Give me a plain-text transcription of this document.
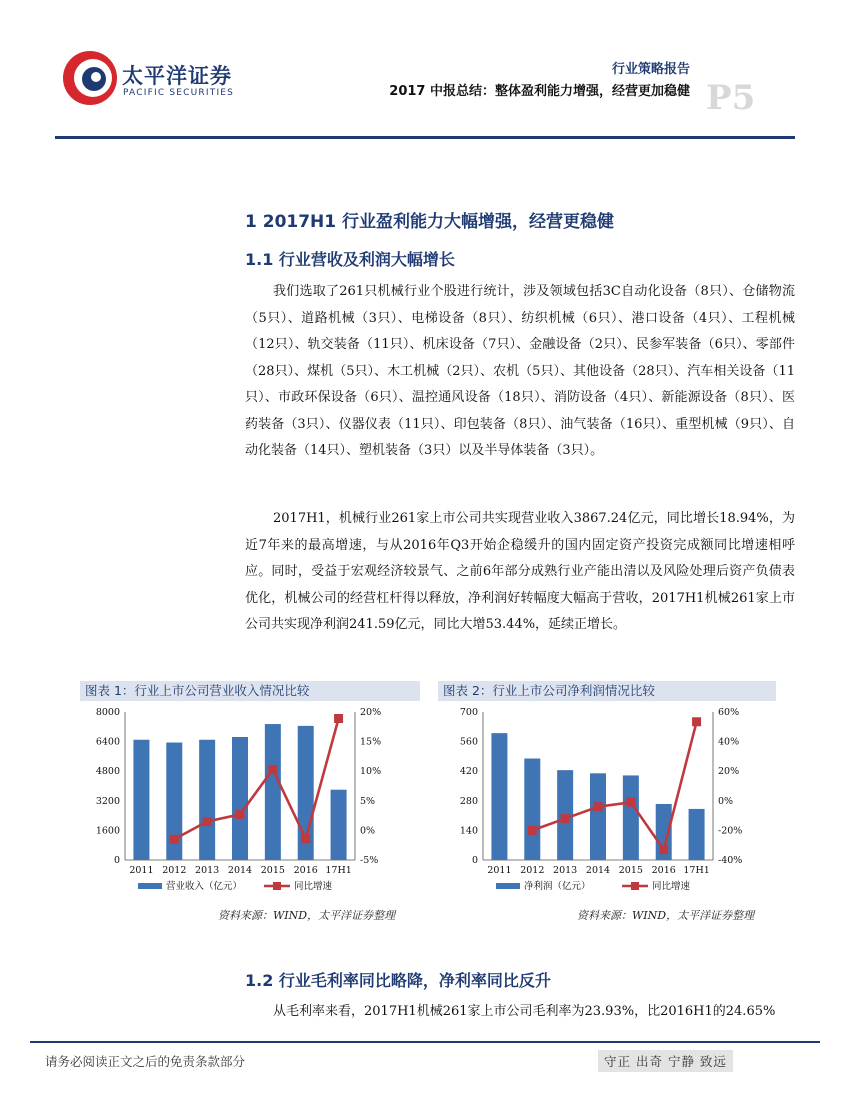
太平洋证券
PACIFIC SECURITIES
行业策略报告
2017 中报总结：整体盈利能力增强，经营更加稳健 P5
1 2017H1 行业盈利能力大幅增强，经营更稳健
1.1 行业营收及利润大幅增长
我们选取了261只机械行业个股进行统计，涉及领域包括3C自动化设备（8只）、仓储物流（5只）、道路机械（3只）、电梯设备（8只）、纺织机械（6只）、港口设备（4只）、工程机械（12只）、轨交装备（11只）、机床设备（7只）、金融设备（2只）、民参军装备（6只）、零部件（28只）、煤机（5只）、木工机械（2只）、农机（5只）、其他设备（28只）、汽车相关设备（11只）、市政环保设备（6只）、温控通风设备（18只）、消防设备（4只）、新能源设备（8只）、医药装备（3只）、仪器仪表（11只）、印包装备（8只）、油气装备（16只）、重型机械（9只）、自动化装备（14只）、塑机装备（3只）以及半导体装备（3只）。
2017H1，机械行业261家上市公司共实现营业收入3867.24亿元，同比增长18.94%，为近7年来的最高增速，与从2016年Q3开始企稳缓升的国内固定资产投资完成额同比增速相呼应。同时，受益于宏观经济较景气、之前6年部分成熟行业产能出清以及风险处理后资产负债表优化，机械公司的经营杠杆得以释放，净利润好转幅度大幅高于营收，2017H1机械261家上市公司共实现净利润241.59亿元，同比大增53.44%，延续正增长。
图表 1：行业上市公司营业收入情况比较
0
1600
3200
4800
6400
8000
-5%
0%
5%
10%
15%
20%
2011 2012 2013 2014 2015 2016 17H1
营业收入（亿元）	同比增速
资料来源：WIND，太平洋证券整理
图表 2：行业上市公司净利润情况比较
0
140
280
420
560
700
-40%
-20%
0%
20%
40%
60%
2011 2012 2013 2014 2015 2016 17H1
净利润（亿元）	同比增速
资料来源：WIND，太平洋证券整理
1.2 行业毛利率同比略降，净利率同比反升
从毛利率来看，2017H1机械261家上市公司毛利率为23.93%，比2016H1的24.65%
请务必阅读正文之后的免责条款部分	守正 出奇 宁静 致远
